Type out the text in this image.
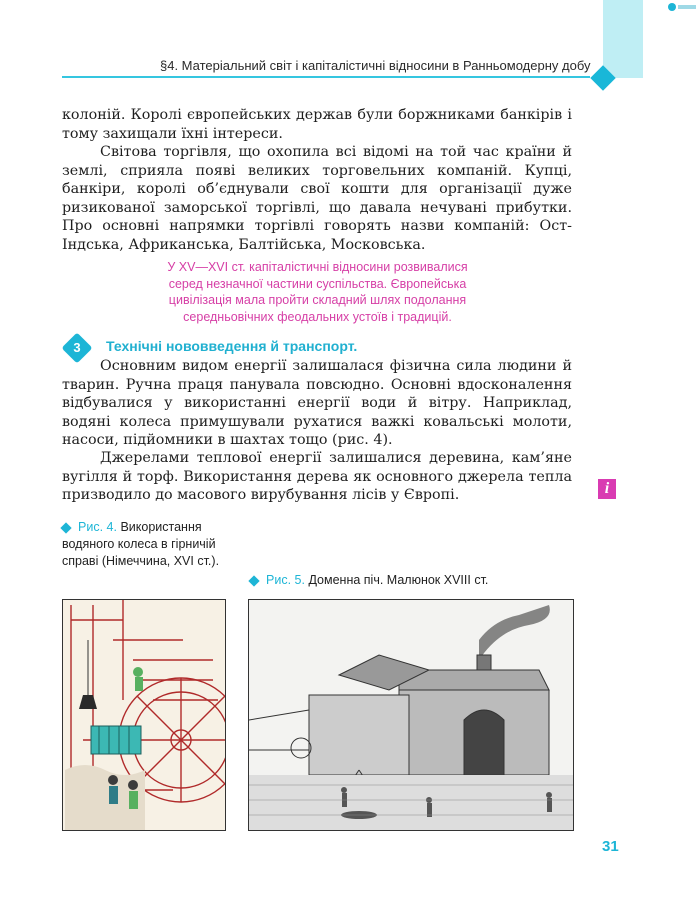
§4. Матеріальний світ і капіталістичні відносини в Ранньомодерну добу
колоній. Королі європейських держав були боржниками банкірів і тому захищали їхні інтереси.
Світова торгівля, що охопила всі відомі на той час країни й землі, сприяла появі великих торговельних компаній. Купці, банкіри, королі об’єднували свої кошти для організації дуже ризикованої заморської торгівлі, що давала нечувані прибутки. Про основні напрямки торгівлі говорять назви компаній: Ост-Індська, Африканська, Балтійська, Московська.
У XV—XVI ст. капіталістичні відносини розвивалися серед незначної частини суспільства. Європейська цивілізація мала пройти складний шлях подолання середньовічних феодальних устоїв і традицій.
3	Технічні нововведення й транспорт.
Основним видом енергії залишалася фізична сила людини й тварин. Ручна праця панувала повсюдно. Основні вдосконалення відбувалися у використанні енергії води й вітру. Наприклад, водяні колеса примушували рухатися важкі ковальські молоти, насоси, підйомники в шахтах тощо (рис. 4).
Джерелами теплової енергії залишалися деревина, кам’яне вугілля й торф. Використання дерева як основного джерела тепла призводило до масового вирубування лісів у Європі.	i
Рис. 4. Використання водяного колеса в гірничій справі (Німеччина, XVI ст.).
Рис. 5. Доменна піч. Малюнок XVIII ст.
31
